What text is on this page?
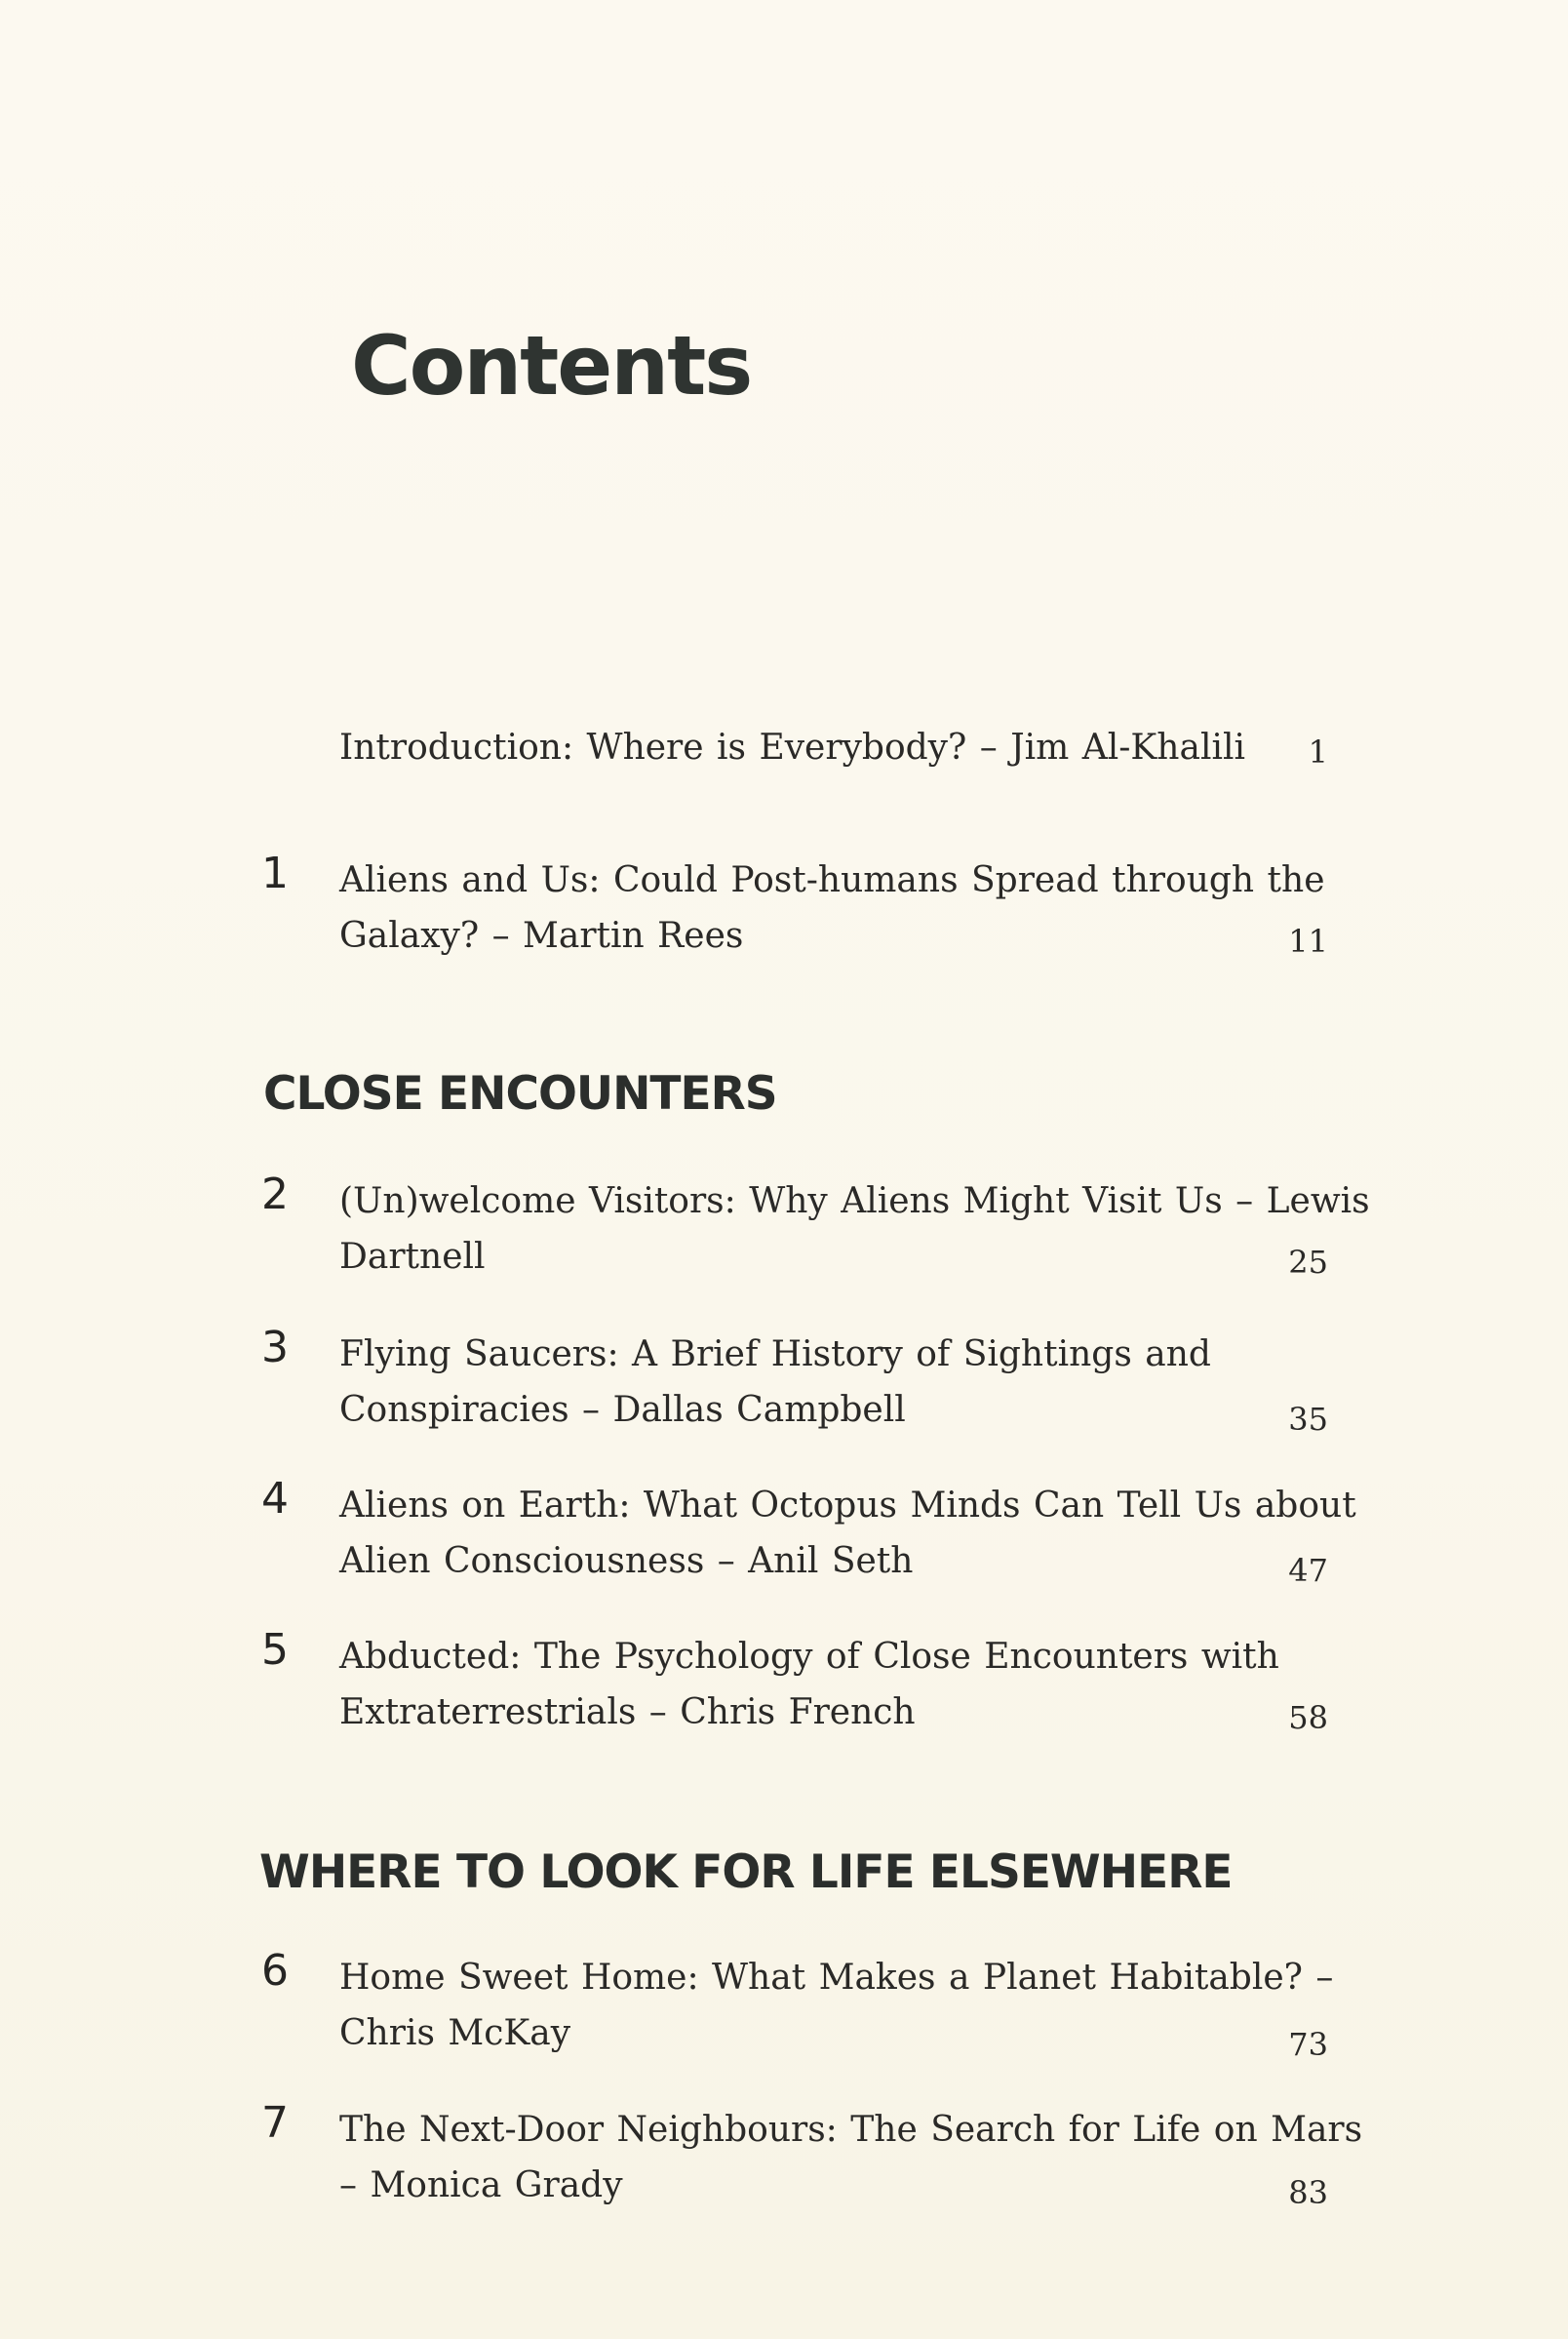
Contents
Introduction: Where is Everybody? – Jim Al-Khalili	1
1 Aliens and Us: Could Post-humans Spread through the
Galaxy? – Martin Rees	11
CLOSE ENCOUNTERS
2 (Un)welcome Visitors: Why Aliens Might Visit Us – Lewis
Dartnell	25
3 Flying Saucers: A Brief History of Sightings and
Conspiracies – Dallas Campbell	35
4 Aliens on Earth: What Octopus Minds Can Tell Us about
Alien Consciousness – Anil Seth	47
5 Abducted: The Psychology of Close Encounters with
Extraterrestrials – Chris French	58
WHERE TO LOOK FOR LIFE ELSEWHERE
6 Home Sweet Home: What Makes a Planet Habitable? –
Chris McKay	73
7 The Next-Door Neighbours: The Search for Life on Mars
– Monica Grady	83
